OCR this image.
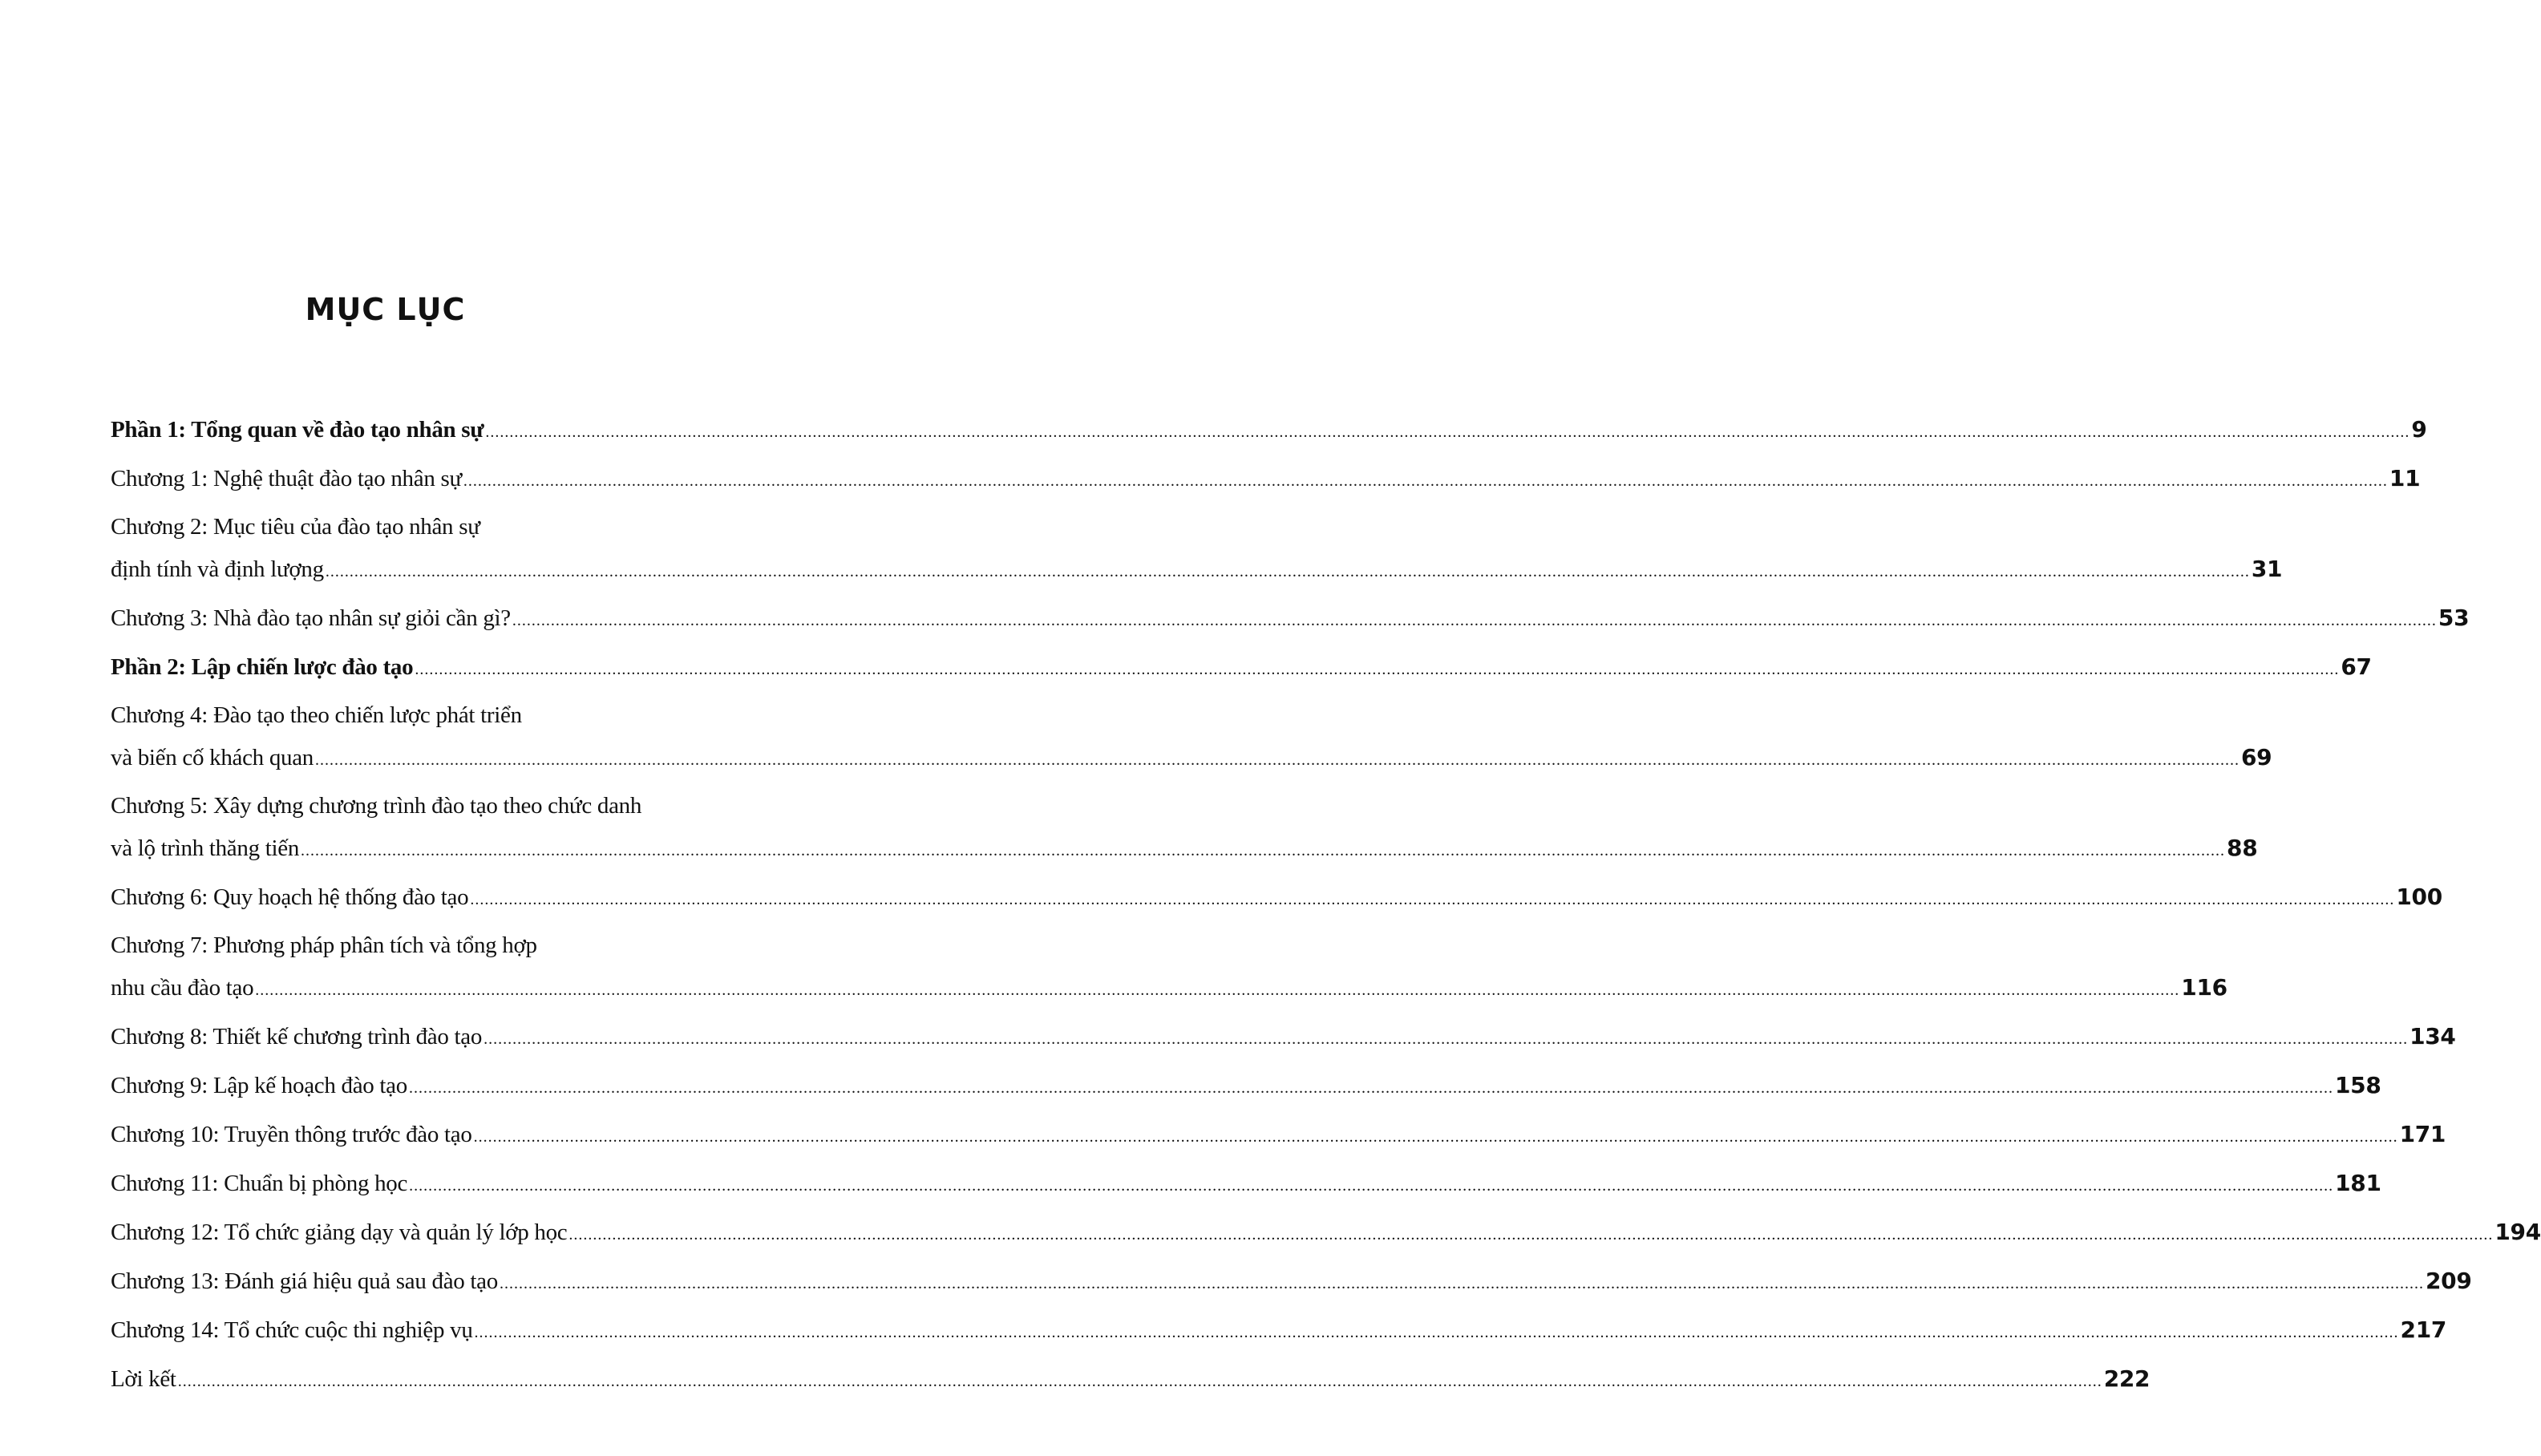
MỤC LỤC
Phần 1: Tổng quan về đào tạo nhân sự ................................................................................................................................................................................................................................................................................................................................................................................................................ 9
Chương 1: Nghệ thuật đào tạo nhân sự ................................................................................................................................................................................................................................................................................................................................................................................................................ 11
Chương 2: Mục tiêu của đào tạo nhân sự
định tính và định lượng ................................................................................................................................................................................................................................................................................................................................................................................................................ 31
Chương 3: Nhà đào tạo nhân sự giỏi cần gì? ................................................................................................................................................................................................................................................................................................................................................................................................................ 53
Phần 2: Lập chiến lược đào tạo ................................................................................................................................................................................................................................................................................................................................................................................................................ 67
Chương 4: Đào tạo theo chiến lược phát triển
và biến cố khách quan ................................................................................................................................................................................................................................................................................................................................................................................................................ 69
Chương 5: Xây dựng chương trình đào tạo theo chức danh
và lộ trình thăng tiến ................................................................................................................................................................................................................................................................................................................................................................................................................ 88
Chương 6: Quy hoạch hệ thống đào tạo ................................................................................................................................................................................................................................................................................................................................................................................................................ 100
Chương 7: Phương pháp phân tích và tổng hợp
nhu cầu đào tạo ................................................................................................................................................................................................................................................................................................................................................................................................................ 116
Chương 8: Thiết kế chương trình đào tạo ................................................................................................................................................................................................................................................................................................................................................................................................................ 134
Chương 9: Lập kế hoạch đào tạo ................................................................................................................................................................................................................................................................................................................................................................................................................ 158
Chương 10: Truyền thông trước đào tạo ................................................................................................................................................................................................................................................................................................................................................................................................................ 171
Chương 11: Chuẩn bị phòng học ................................................................................................................................................................................................................................................................................................................................................................................................................ 181
Chương 12: Tổ chức giảng dạy và quản lý lớp học ................................................................................................................................................................................................................................................................................................................................................................................................................ 194
Chương 13: Đánh giá hiệu quả sau đào tạo ................................................................................................................................................................................................................................................................................................................................................................................................................ 209
Chương 14: Tổ chức cuộc thi nghiệp vụ ................................................................................................................................................................................................................................................................................................................................................................................................................ 217
Lời kết ................................................................................................................................................................................................................................................................................................................................................................................................................ 222
